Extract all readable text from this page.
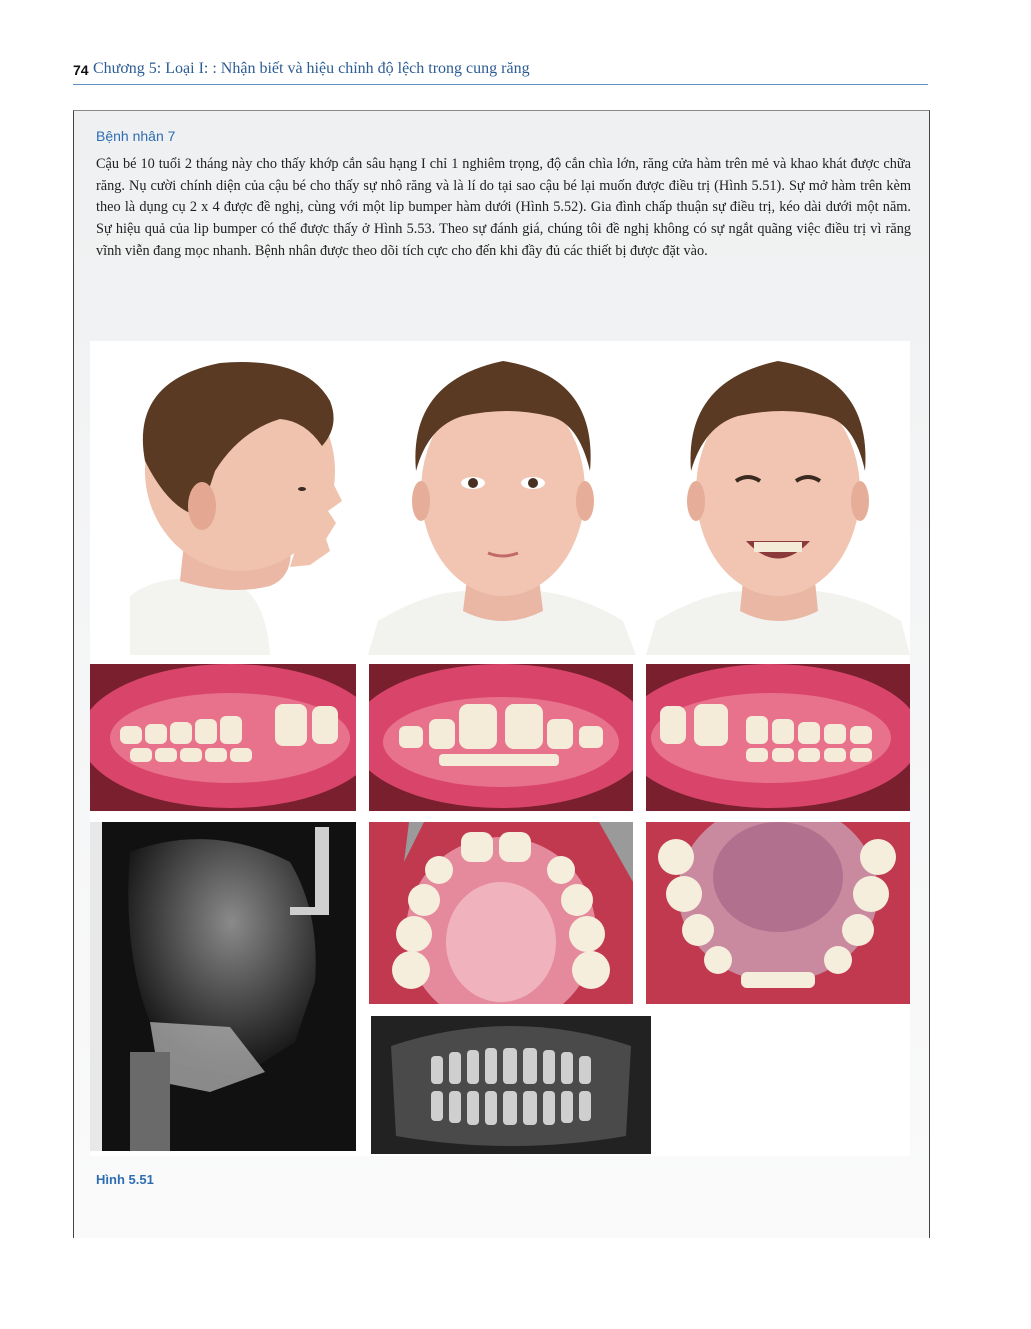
74 Chương 5: Loại I: : Nhận biết và hiệu chỉnh độ lệch trong cung răng
Bệnh nhân 7

Cậu bé 10 tuổi 2 tháng này cho thấy khớp cắn sâu hạng I chỉ 1 nghiêm trọng, độ cắn chìa lớn, răng cửa hàm trên mẻ và khao khát được chữa răng. Nụ cười chính diện của cậu bé cho thấy sự nhô răng và là lí do tại sao cậu bé lại muốn được điều trị (Hình 5.51). Sự mở hàm trên kèm theo là dụng cụ 2 x 4 được đề nghị, cùng với một lip bumper hàm dưới (Hình 5.52). Gia đình chấp thuận sự điều trị, kéo dài dưới một năm. Sự hiệu quả của lip bumper có thể được thấy ở Hình 5.53. Theo sự đánh giá, chúng tôi đề nghị không có sự ngắt quãng việc điều trị vì răng vĩnh viễn đang mọc nhanh. Bệnh nhân được theo dõi tích cực cho đến khi đầy đủ các thiết bị được đặt vào.

Hình 5.51
